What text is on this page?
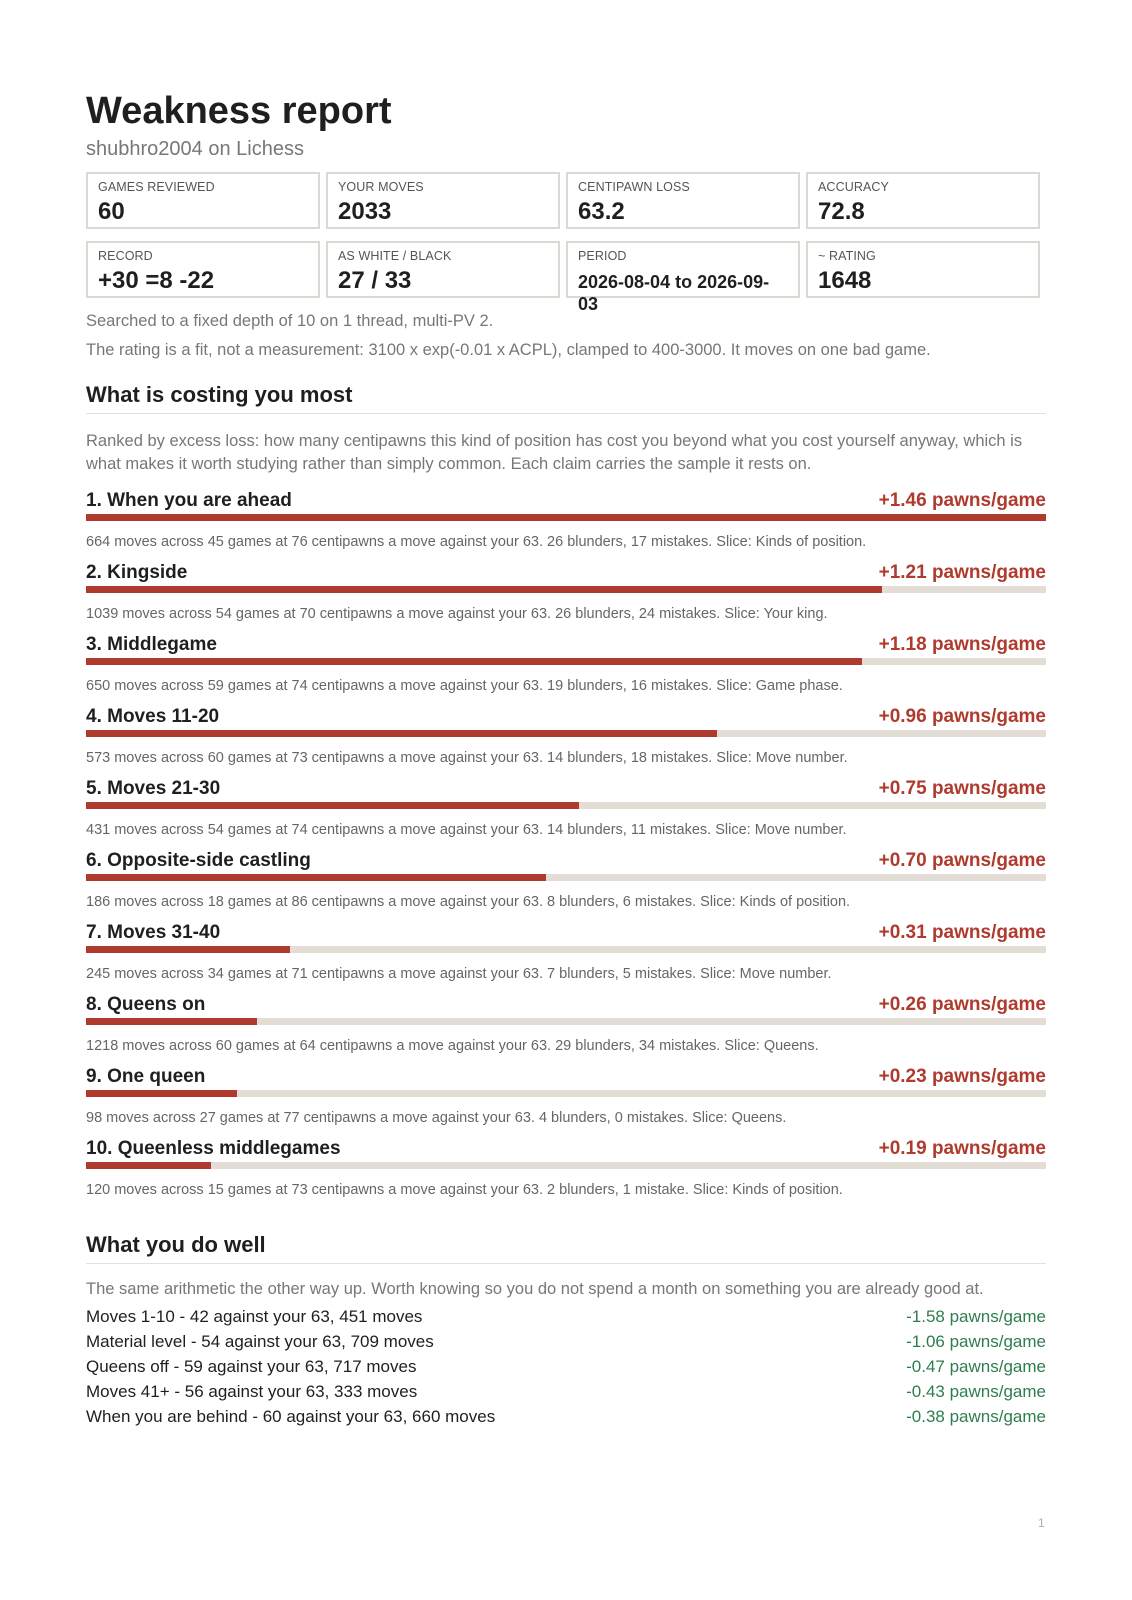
Weakness report
shubhro2004 on Lichess
GAMES REVIEWED
60
YOUR MOVES
2033
CENTIPAWN LOSS
63.2
ACCURACY
72.8
RECORD
+30 =8 -22
AS WHITE / BLACK
27 / 33
PERIOD
2026-08-04 to 2026-09-03
~ RATING
1648

Searched to a fixed depth of 10 on 1 thread, multi-PV 2.

The rating is a fit, not a measurement: 3100 x exp(-0.01 x ACPL), clamped to 400-3000. It moves on one bad game.

What is costing you most

Ranked by excess loss: how many centipawns this kind of position has cost you beyond what you cost yourself anyway, which is what makes it worth studying rather than simply common. Each claim carries the sample it rests on.

1. When you are ahead	+1.46 pawns/game
664 moves across 45 games at 76 centipawns a move against your 63. 26 blunders, 17 mistakes. Slice: Kinds of position.
2. Kingside	+1.21 pawns/game
1039 moves across 54 games at 70 centipawns a move against your 63. 26 blunders, 24 mistakes. Slice: Your king.
3. Middlegame	+1.18 pawns/game
650 moves across 59 games at 74 centipawns a move against your 63. 19 blunders, 16 mistakes. Slice: Game phase.
4. Moves 11-20	+0.96 pawns/game
573 moves across 60 games at 73 centipawns a move against your 63. 14 blunders, 18 mistakes. Slice: Move number.
5. Moves 21-30	+0.75 pawns/game
431 moves across 54 games at 74 centipawns a move against your 63. 14 blunders, 11 mistakes. Slice: Move number.
6. Opposite-side castling	+0.70 pawns/game
186 moves across 18 games at 86 centipawns a move against your 63. 8 blunders, 6 mistakes. Slice: Kinds of position.
7. Moves 31-40	+0.31 pawns/game
245 moves across 34 games at 71 centipawns a move against your 63. 7 blunders, 5 mistakes. Slice: Move number.
8. Queens on	+0.26 pawns/game
1218 moves across 60 games at 64 centipawns a move against your 63. 29 blunders, 34 mistakes. Slice: Queens.
9. One queen	+0.23 pawns/game
98 moves across 27 games at 77 centipawns a move against your 63. 4 blunders, 0 mistakes. Slice: Queens.
10. Queenless middlegames	+0.19 pawns/game
120 moves across 15 games at 73 centipawns a move against your 63. 2 blunders, 1 mistake. Slice: Kinds of position.
What you do well

The same arithmetic the other way up. Worth knowing so you do not spend a month on something you are already good at.

Moves 1-10 - 42 against your 63, 451 moves	-1.58 pawns/game
Material level - 54 against your 63, 709 moves	-1.06 pawns/game
Queens off - 59 against your 63, 717 moves	-0.47 pawns/game
Moves 41+ - 56 against your 63, 333 moves	-0.43 pawns/game
When you are behind - 60 against your 63, 660 moves	-0.38 pawns/game
1
